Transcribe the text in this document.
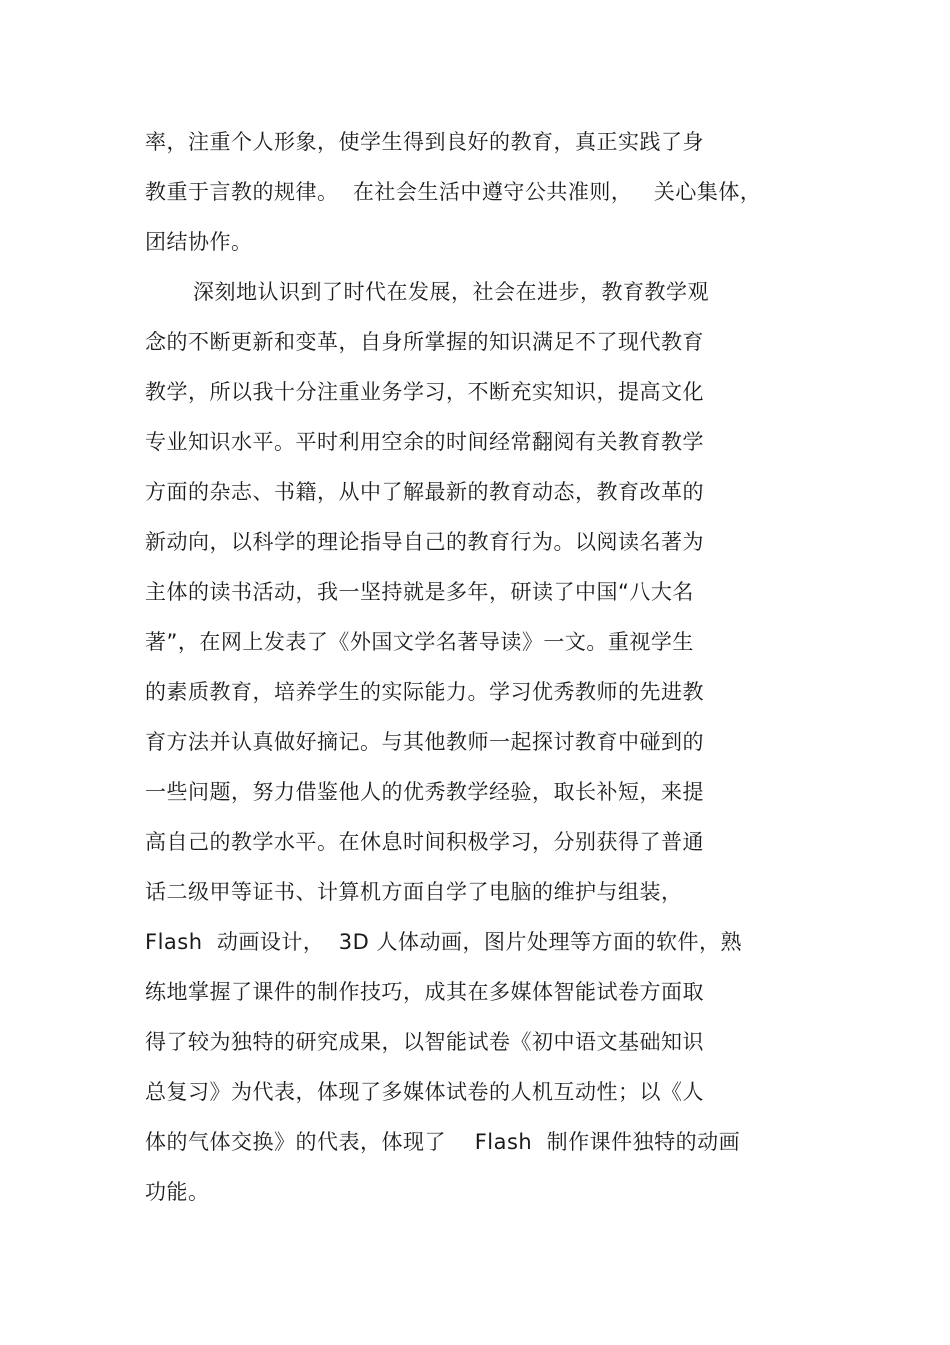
率，注重个人形象，使学生得到良好的教育，真正实践了身
教重于言教的规律。  在社会生活中遵守公共准则，   关心集体，
团结协作。
深刻地认识到了时代在发展，社会在进步，教育教学观
念的不断更新和变革，自身所掌握的知识满足不了现代教育
教学，所以我十分注重业务学习，不断充实知识，提高文化
专业知识水平。平时利用空余的时间经常翻阅有关教育教学
方面的杂志、书籍，从中了解最新的教育动态，教育改革的
新动向，以科学的理论指导自己的教育行为。以阅读名著为
主体的读书活动，我一坚持就是多年，研读了中国“八大名
著”，在网上发表了《外国文学名著导读》一文。重视学生
的素质教育，培养学生的实际能力。学习优秀教师的先进教
育方法并认真做好摘记。与其他教师一起探讨教育中碰到的
一些问题，努力借鉴他人的优秀教学经验，取长补短，来提
高自己的教学水平。在休息时间积极学习，分别获得了普通
话二级甲等证书、计算机方面自学了电脑的维护与组装，
Flash  动画设计，  3D 人体动画，图片处理等方面的软件，熟
练地掌握了课件的制作技巧，成其在多媒体智能试卷方面取
得了较为独特的研究成果，以智能试卷《初中语文基础知识
总复习》为代表，体现了多媒体试卷的人机互动性；以《人
体的气体交换》的代表，体现了    Flash  制作课件独特的动画
功能。
